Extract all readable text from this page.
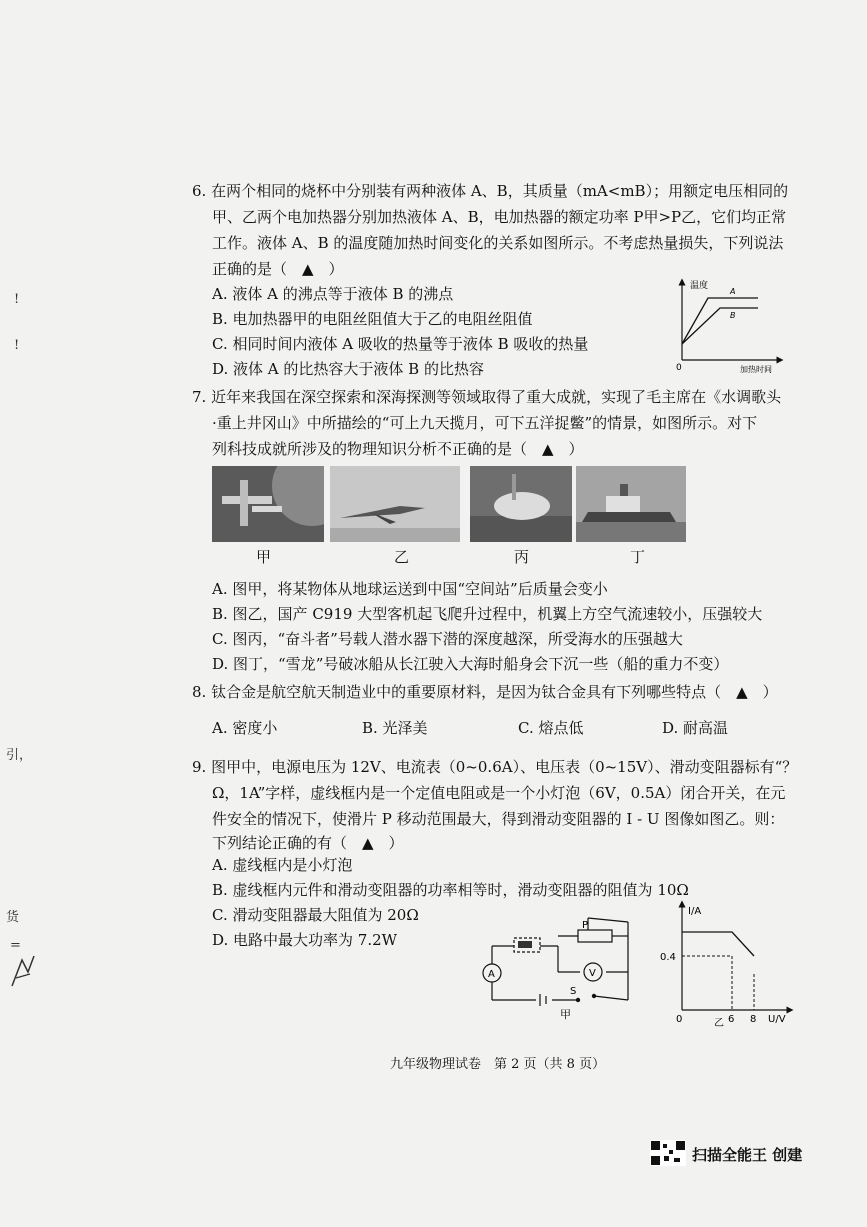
!
!
引，
货
=
6. 在两个相同的烧杯中分别装有两种液体 A、B，其质量（mA<mB）；用额定电压相同的
甲、乙两个电加热器分别加热液体 A、B，电加热器的额定功率 P甲>P乙，它们均正常
工作。液体 A、B 的温度随加热时间变化的关系如图所示。不考虑热量损失，下列说法
正确的是（　▲　）
A. 液体 A 的沸点等于液体 B 的沸点
B. 电加热器甲的电阻丝阻值大于乙的电阻丝阻值
C. 相同时间内液体 A 吸收的热量等于液体 B 吸收的热量
D. 液体 A 的比热容大于液体 B 的比热容
温度
A
B
0	加热时间
7. 近年来我国在深空探索和深海探测等领域取得了重大成就，实现了毛主席在《水调歌头
·重上井冈山》中所描绘的“可上九天揽月，可下五洋捉鳖”的情景，如图所示。对下
列科技成就所涉及的物理知识分析不正确的是（　▲　）
甲	乙	丙	丁
A. 图甲，将某物体从地球运送到中国“空间站”后质量会变小
B. 图乙，国产 C919 大型客机起飞爬升过程中，机翼上方空气流速较小，压强较大
C. 图丙，“奋斗者”号载人潜水器下潜的深度越深，所受海水的压强越大
D. 图丁，“雪龙”号破冰船从长江驶入大海时船身会下沉一些（船的重力不变）
8. 钛合金是航空航天制造业中的重要原材料，是因为钛合金具有下列哪些特点（　▲　）
A. 密度小	B. 光泽美	C. 熔点低	D. 耐高温
9. 图甲中，电源电压为 12V、电流表（0~0.6A）、电压表（0~15V）、滑动变阻器标有“？
Ω，1A”字样，虚线框内是一个定值电阻或是一个小灯泡（6V，0.5A）闭合开关，在元
件安全的情况下，使滑片 P 移动范围最大，得到滑动变阻器的 I - U 图像如图乙。则：
下列结论正确的有（　▲　）
A. 虚线框内是小灯泡
B. 虚线框内元件和滑动变阻器的功率相等时，滑动变阻器的阻值为 10Ω
C. 滑动变阻器最大阻值为 20Ω
D. 电路中最大功率为 7.2W
A	V
P
S
甲
I/A
0.4
0	6 8 U/V
乙
九年级物理试卷　第 2 页（共 8 页）
扫描全能王 创建
